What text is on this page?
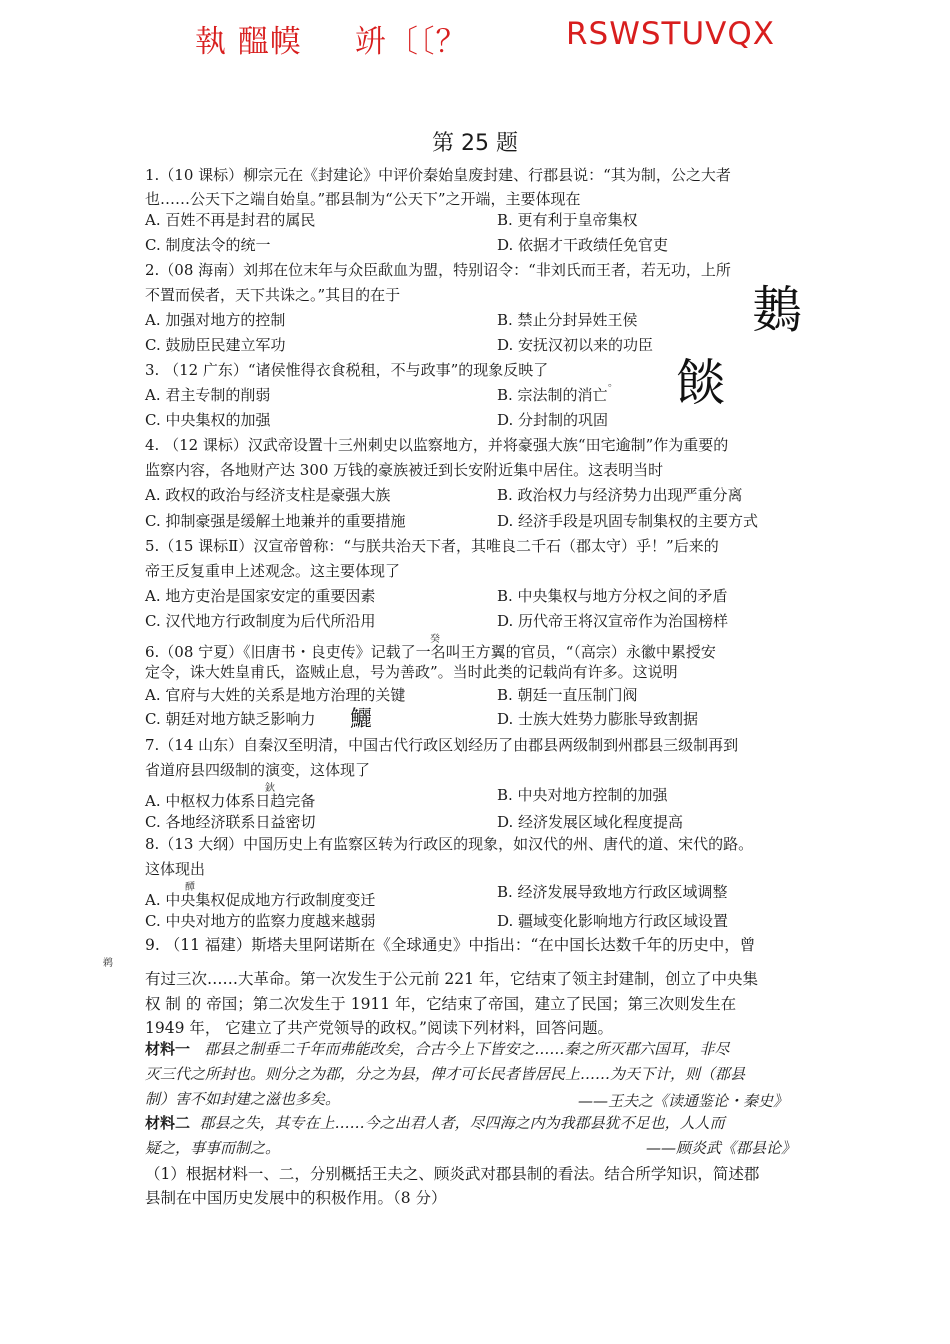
執 醞幙 竔〔〔？	RSWSTUVQX
第 25 题
1.（10 课标）柳宗元在《封建论》中评价秦始皇废封建、行郡县说：“其为制，公之大者
也……公天下之端自始皇。”郡县制为“公天下”之开端，主要体现在
A. 百姓不再是封君的属民	B. 更有利于皇帝集权
C. 制度法令的统一	D. 依据才干政绩任免官吏
2.（08 海南）刘邦在位末年与众臣歃血为盟，特别诏令：“非刘氏而王者，若无功，上所
不置而侯者，天下共诛之。”其目的在于
A. 加强对地方的控制	B. 禁止分封异姓王侯
C. 鼓励臣民建立军功	D. 安抚汉初以来的功臣
鶈
餤
。
3. （12 广东）“诸侯惟得衣食税租，不与政事”的现象反映了
A. 君主专制的削弱	B. 宗法制的消亡
C. 中央集权的加强	D. 分封制的巩固
4. （12 课标）汉武帝设置十三州刺史以监察地方，并将豪强大族“田宅逾制”作为重要的
监察内容，各地财产达 300 万钱的豪族被迁到长安附近集中居住。这表明当时
A. 政权的政治与经济支柱是豪强大族	B. 政治权力与经济势力出现严重分离
C. 抑制豪强是缓解土地兼并的重要措施	D. 经济手段是巩固专制集权的主要方式
5.（15 课标Ⅱ）汉宣帝曾称：“与朕共治天下者，其唯良二千石（郡太守）乎！”后来的
帝王反复重申上述观念。这主要体现了
A. 地方吏治是国家安定的重要因素	B. 中央集权与地方分权之间的矛盾
C. 汉代地方行政制度为后代所沿用	D. 历代帝王将汉宣帝作为治国榜样
癸
6.（08 宁夏）《旧唐书・良吏传》记载了一名叫王方翼的官员，“（高宗）永徽中累授安
定令，诛大姓皇甫氏，盗贼止息，号为善政”。当时此类的记载尚有许多。这说明
A. 官府与大姓的关系是地方治理的关键	B. 朝廷一直压制门阀
C. 朝廷对地方缺乏影响力	D. 士族大姓势力膨胀导致割据
鱺
7.（14 山东）自秦汉至明清，中国古代行政区划经历了由郡县两级制到州郡县三级制再到
省道府县四级制的演变，这体现了
鈥
A. 中枢权力体系日趋完备	B. 中央对地方控制的加强
C. 各地经济联系日益密切	D. 经济发展区域化程度提高
8.（13 大纲）中国历史上有监察区转为行政区的现象，如汉代的州、唐代的道、宋代的路。
这体现出
醰
A. 中央集权促成地方行政制度变迁	B. 经济发展导致地方行政区域调整
C. 中央对地方的监察力度越来越弱	D. 疆域变化影响地方行政区域设置
9. （11 福建）斯塔夫里阿诺斯在《全球通史》中指出：“在中国长达数千年的历史中，曾
鹈
有过三次……大革命。第一次发生于公元前 221 年，它结束了领主封建制，创立了中央集
权 制 的 帝国；第二次发生于 1911 年，它结束了帝国，建立了民国；第三次则发生在
1949 年， 它建立了共产党领导的政权。”阅读下列材料，回答问题。
材料一 郡县之制垂二千年而弗能改矣，合古今上下皆安之……秦之所灭郡六国耳，非尽
灭三代之所封也。则分之为郡，分之为县，俾才可长民者皆居民上……为天下计，则（郡县
制）害不如封建之滋也多矣。	——王夫之《读通鉴论・秦史》
材料二 郡县之失，其专在上……今之出君人者，尽四海之内为我郡县犹不足也，人人而
疑之，事事而制之。	——顾炎武《郡县论》
（1）根据材料一、二，分别概括王夫之、顾炎武对郡县制的看法。结合所学知识，简述郡
县制在中国历史发展中的积极作用。（8 分）
